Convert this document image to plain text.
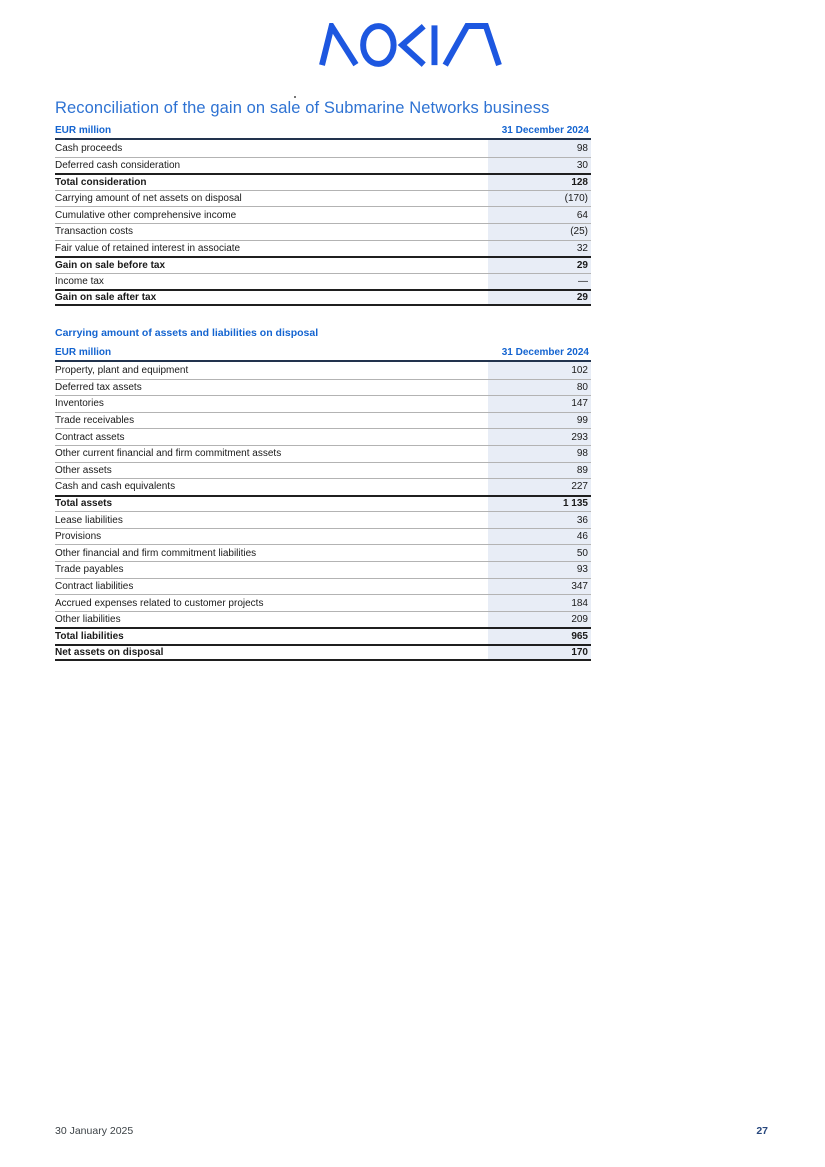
Reconciliation of the gain on sale of Submarine Networks business
EUR million	31 December 2024
Cash proceeds	98
Deferred cash consideration	30
Total consideration	128
Carrying amount of net assets on disposal	(170)
Cumulative other comprehensive income	64
Transaction costs	(25)
Fair value of retained interest in associate	32
Gain on sale before tax	29
Income tax	—
Gain on sale after tax	29
Carrying amount of assets and liabilities on disposal
EUR million	31 December 2024
Property, plant and equipment	102
Deferred tax assets	80
Inventories	147
Trade receivables	99
Contract assets	293
Other current financial and firm commitment assets	98
Other assets	89
Cash and cash equivalents	227
Total assets	1 135
Lease liabilities	36
Provisions	46
Other financial and firm commitment liabilities	50
Trade payables	93
Contract liabilities	347
Accrued expenses related to customer projects	184
Other liabilities	209
Total liabilities	965
Net assets on disposal	170
30 January 2025	27
